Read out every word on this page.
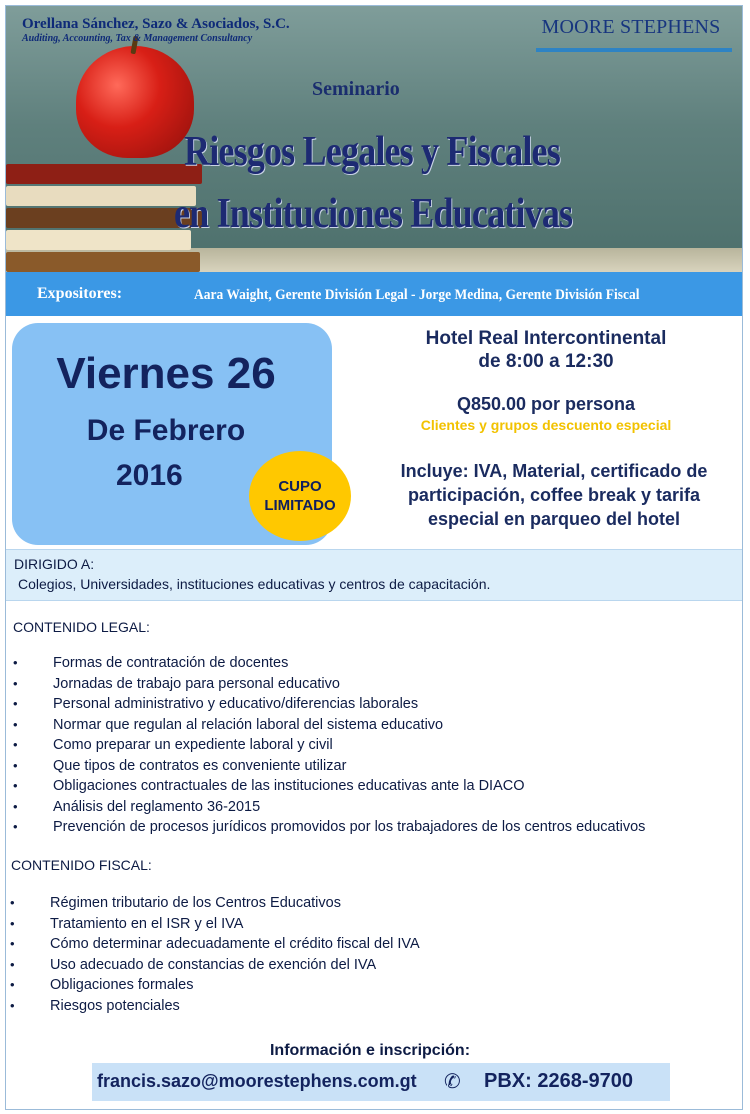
Orellana Sánchez, Sazo & Asociados, S.C.
Auditing, Accounting, Tax & Management Consultancy
MOORE STEPHENS
Seminario
Riesgos Legales y Fiscales
en Instituciones Educativas
Expositores:	Aara Waight, Gerente División Legal - Jorge Medina, Gerente División Fiscal
Viernes 26
De Febrero
2016	CUPO
LIMITADO
Hotel Real Intercontinental
de 8:00 a 12:30
Q850.00 por persona
Clientes y grupos descuento especial
Incluye: IVA, Material, certificado de
participación, coffee break y tarifa
especial en parqueo del hotel
DIRIGIDO A:
Colegios, Universidades, instituciones educativas y centros de capacitación.
CONTENIDO LEGAL:
• Formas de contratación de docentes
• Jornadas de trabajo para personal educativo
• Personal administrativo y educativo/diferencias laborales
• Normar que regulan al relación laboral del sistema educativo
• Como preparar un expediente laboral y civil
• Que tipos de contratos es conveniente utilizar
• Obligaciones contractuales de las instituciones educativas ante la DIACO
• Análisis del reglamento 36-2015
• Prevención de procesos jurídicos promovidos por los trabajadores de los centros educativos
CONTENIDO FISCAL:
• Régimen tributario de los Centros Educativos
• Tratamiento en el ISR y el IVA
• Cómo determinar adecuadamente el crédito fiscal del IVA
• Uso adecuado de constancias de exención del IVA
• Obligaciones formales
• Riesgos potenciales
Información e inscripción:
francis.sazo@moorestephens.com.gt ✆ PBX: 2268-9700
